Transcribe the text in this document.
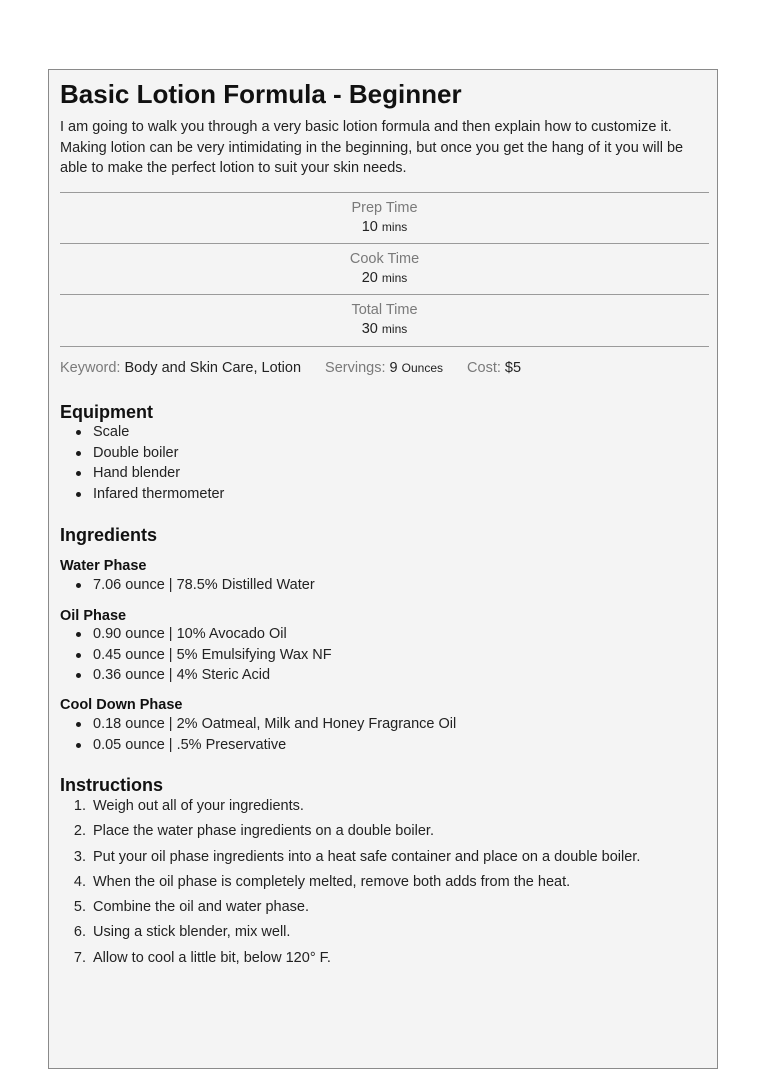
Basic Lotion Formula - Beginner

I am going to walk you through a very basic lotion formula and then explain how to customize it. Making lotion can be very intimidating in the beginning, but once you get the hang of it you will be able to make the perfect lotion to suit your skin needs.

Prep Time
10 mins
Cook Time
20 mins
Total Time
30 mins
Keyword: Body and Skin Care, Lotion Servings: 9 Ounces Cost: $5
Equipment
Scale
Double boiler
Hand blender
Infared thermometer
Ingredients
Water Phase
7.06 ounce | 78.5% Distilled Water
Oil Phase
0.90 ounce | 10% Avocado Oil
0.45 ounce | 5% Emulsifying Wax NF
0.36 ounce | 4% Steric Acid
Cool Down Phase
0.18 ounce | 2% Oatmeal, Milk and Honey Fragrance Oil
0.05 ounce | .5% Preservative
Instructions
1. Weigh out all of your ingredients.
2. Place the water phase ingredients on a double boiler.
3. Put your oil phase ingredients into a heat safe container and place on a double boiler.
4. When the oil phase is completely melted, remove both adds from the heat.
5. Combine the oil and water phase.
6. Using a stick blender, mix well.
7. Allow to cool a little bit, below 120° F.
